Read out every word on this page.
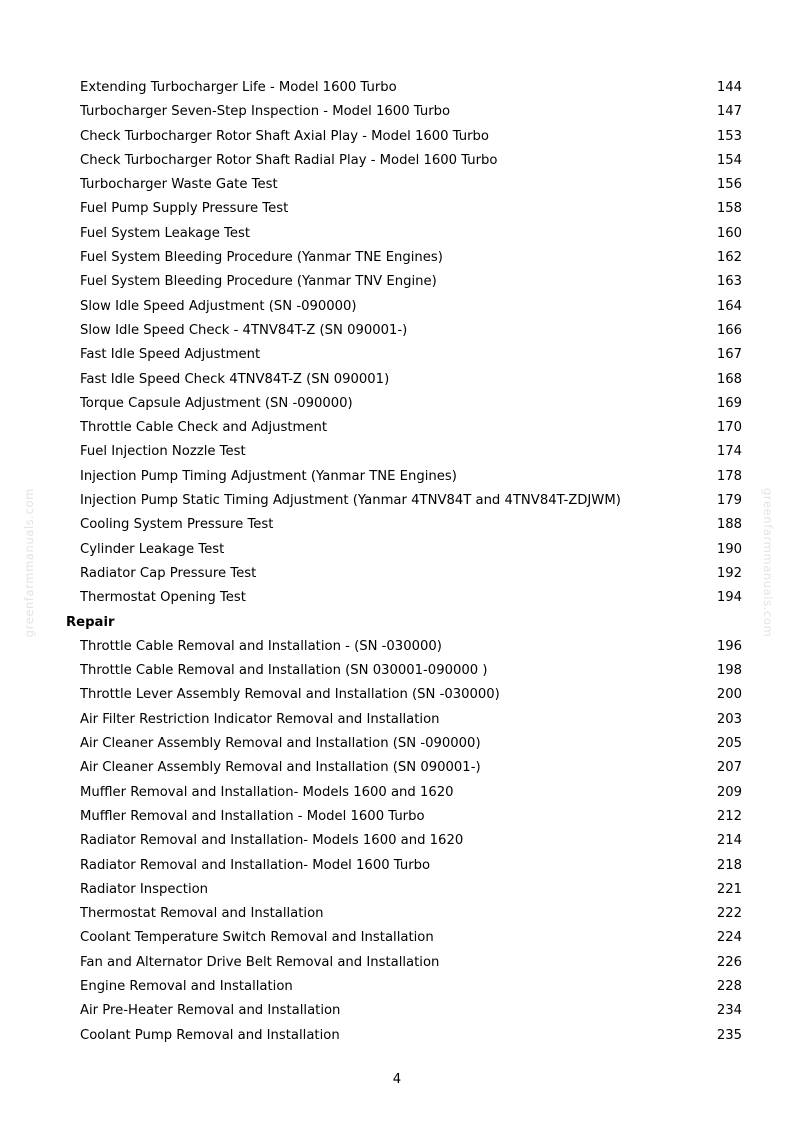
greenfarmmanuals.com	greenfarmmanuals.com
Extending Turbocharger Life - Model 1600 Turbo	144
Turbocharger Seven-Step Inspection - Model 1600 Turbo	147
Check Turbocharger Rotor Shaft Axial Play - Model 1600 Turbo	153
Check Turbocharger Rotor Shaft Radial Play - Model 1600 Turbo	154
Turbocharger Waste Gate Test	156
Fuel Pump Supply Pressure Test	158
Fuel System Leakage Test	160
Fuel System Bleeding Procedure (Yanmar TNE Engines)	162
Fuel System Bleeding Procedure (Yanmar TNV Engine)	163
Slow Idle Speed Adjustment (SN -090000)	164
Slow Idle Speed Check - 4TNV84T-Z (SN 090001-)	166
Fast Idle Speed Adjustment	167
Fast Idle Speed Check 4TNV84T-Z (SN 090001)	168
Torque Capsule Adjustment (SN -090000)	169
Throttle Cable Check and Adjustment	170
Fuel Injection Nozzle Test	174
Injection Pump Timing Adjustment (Yanmar TNE Engines)	178
Injection Pump Static Timing Adjustment (Yanmar 4TNV84T and 4TNV84T-ZDJWM)	179
Cooling System Pressure Test	188
Cylinder Leakage Test	190
Radiator Cap Pressure Test	192
Thermostat Opening Test	194
Repair
Throttle Cable Removal and Installation - (SN -030000)	196
Throttle Cable Removal and Installation (SN 030001-090000 )	198
Throttle Lever Assembly Removal and Installation (SN -030000)	200
Air Filter Restriction Indicator Removal and Installation	203
Air Cleaner Assembly Removal and Installation (SN -090000)	205
Air Cleaner Assembly Removal and Installation (SN 090001-)	207
Muffler Removal and Installation- Models 1600 and 1620	209
Muffler Removal and Installation - Model 1600 Turbo	212
Radiator Removal and Installation- Models 1600 and 1620	214
Radiator Removal and Installation- Model 1600 Turbo	218
Radiator Inspection	221
Thermostat Removal and Installation	222
Coolant Temperature Switch Removal and Installation	224
Fan and Alternator Drive Belt Removal and Installation	226
Engine Removal and Installation	228
Air Pre-Heater Removal and Installation	234
Coolant Pump Removal and Installation	235
4
